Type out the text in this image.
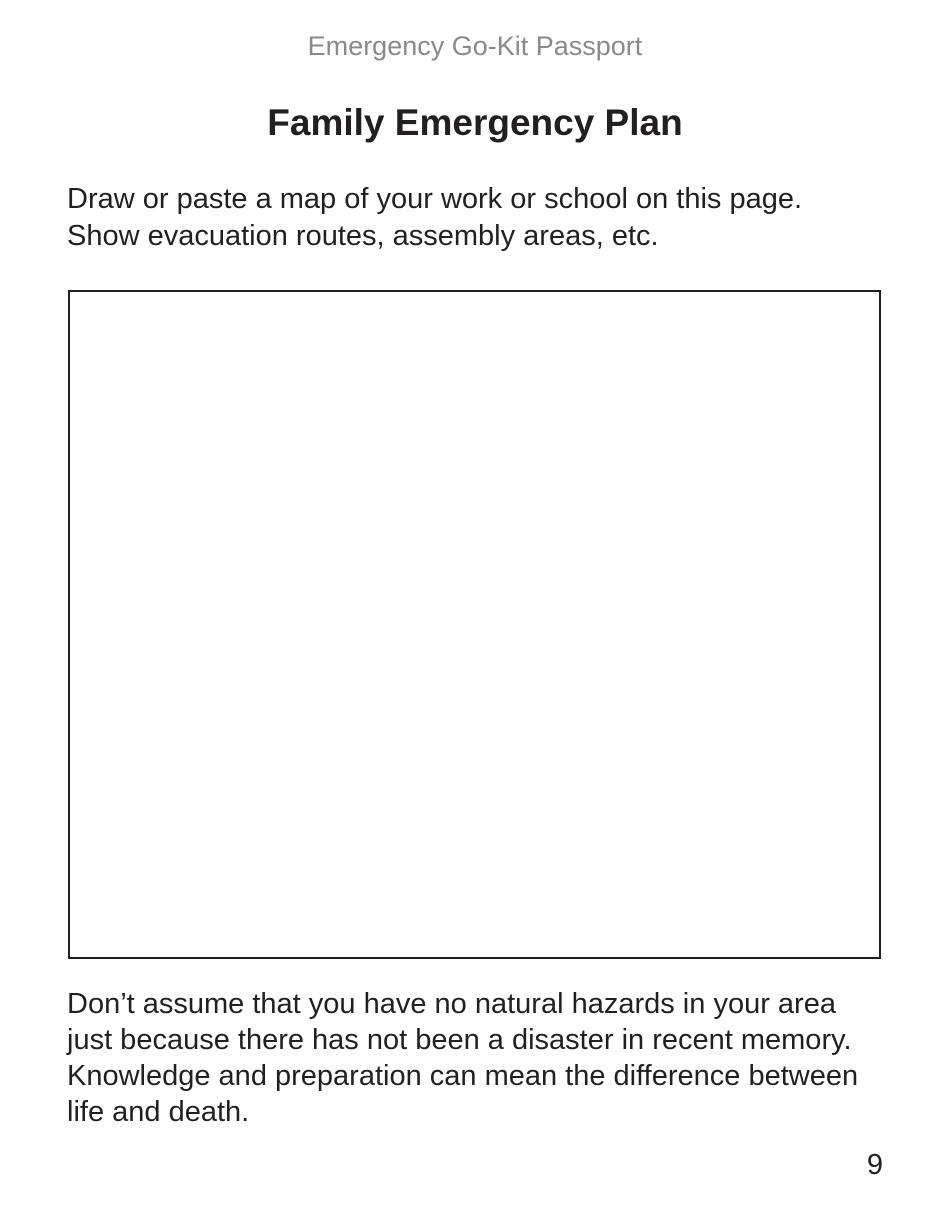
Emergency Go-Kit Passport
Family Emergency Plan

Draw or paste a map of your work or school on this page.
Show evacuation routes, assembly areas, etc.

Don’t assume that you have no natural hazards in your area just because there has not been a disaster in recent memory. Knowledge and preparation can mean the difference between life and death.

9
